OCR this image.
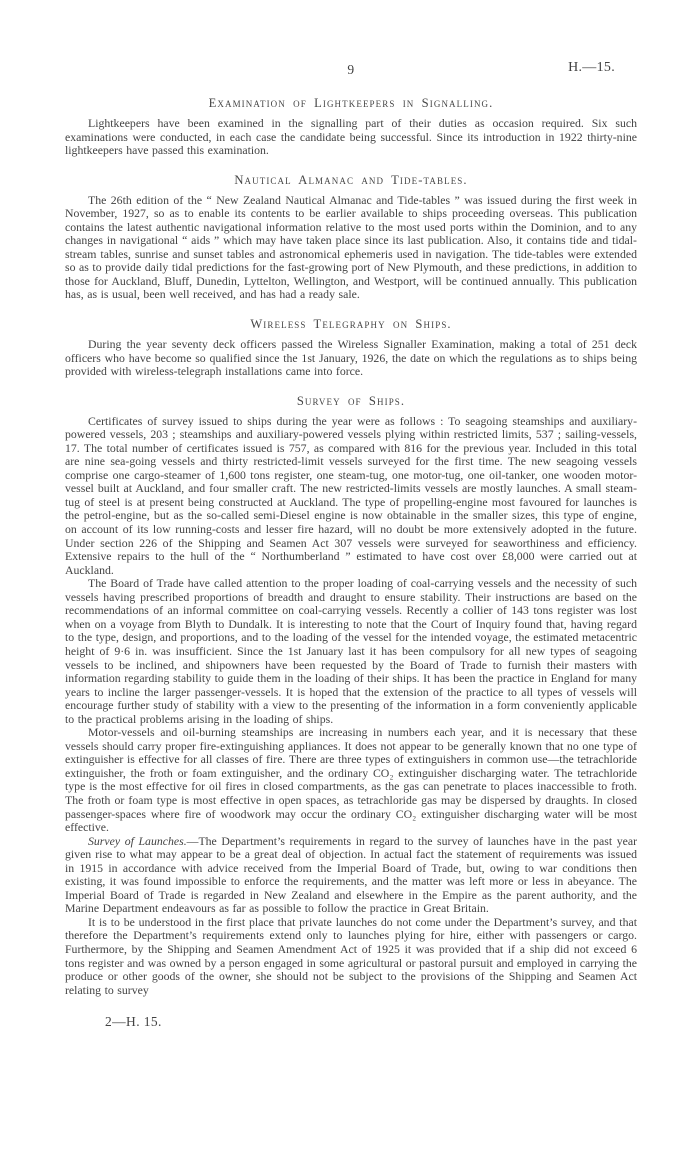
9	H.—15.
Examination of Lightkeepers in Signalling.

Lightkeepers have been examined in the signalling part of their duties as occasion required. Six such examinations were conducted, in each case the candidate being successful. Since its introduction in 1922 thirty-nine lightkeepers have passed this examination.

Nautical Almanac and Tide-tables.

The 26th edition of the “ New Zealand Nautical Almanac and Tide-tables ” was issued during the first week in November, 1927, so as to enable its contents to be earlier available to ships proceeding overseas. This publication contains the latest authentic navigational information relative to the most used ports within the Dominion, and to any changes in navigational “ aids ” which may have taken place since its last publication. Also, it contains tide and tidal-stream tables, sunrise and sunset tables and astronomical ephemeris used in navigation. The tide-tables were extended so as to provide daily tidal predictions for the fast-growing port of New Plymouth, and these predictions, in addition to those for Auckland, Bluff, Dunedin, Lyttelton, Wellington, and Westport, will be continued annually. This publication has, as is usual, been well received, and has had a ready sale.

Wireless Telegraphy on Ships.

During the year seventy deck officers passed the Wireless Signaller Examination, making a total of 251 deck officers who have become so qualified since the 1st January, 1926, the date on which the regulations as to ships being provided with wireless-telegraph installations came into force.

Survey of Ships.

Certificates of survey issued to ships during the year were as follows : To seagoing steamships and auxiliary-powered vessels, 203 ; steamships and auxiliary-powered vessels plying within restricted limits, 537 ; sailing-vessels, 17. The total number of certificates issued is 757, as compared with 816 for the previous year. Included in this total are nine sea-going vessels and thirty restricted-limit vessels surveyed for the first time. The new seagoing vessels comprise one cargo-steamer of 1,600 tons register, one steam-tug, one motor-tug, one oil-tanker, one wooden motor-vessel built at Auckland, and four smaller craft. The new restricted-limits vessels are mostly launches. A small steam-tug of steel is at present being constructed at Auckland. The type of propelling-engine most favoured for launches is the petrol-engine, but as the so-called semi-Diesel engine is now obtainable in the smaller sizes, this type of engine, on account of its low running-costs and lesser fire hazard, will no doubt be more extensively adopted in the future. Under section 226 of the Shipping and Seamen Act 307 vessels were surveyed for seaworthiness and efficiency. Extensive repairs to the hull of the “ Northumberland ” estimated to have cost over £8,000 were carried out at Auckland.

The Board of Trade have called attention to the proper loading of coal-carrying vessels and the necessity of such vessels having prescribed proportions of breadth and draught to ensure stability. Their instructions are based on the recommendations of an informal committee on coal-carrying vessels. Recently a collier of 143 tons register was lost when on a voyage from Blyth to Dundalk. It is interesting to note that the Court of Inquiry found that, having regard to the type, design, and proportions, and to the loading of the vessel for the intended voyage, the estimated metacentric height of 9·6 in. was insufficient. Since the 1st January last it has been compulsory for all new types of seagoing vessels to be inclined, and shipowners have been requested by the Board of Trade to furnish their masters with information regarding stability to guide them in the loading of their ships. It has been the practice in England for many years to incline the larger passenger-vessels. It is hoped that the extension of the practice to all types of vessels will encourage further study of stability with a view to the presenting of the information in a form conveniently applicable to the practical problems arising in the loading of ships.

Motor-vessels and oil-burning steamships are increasing in numbers each year, and it is necessary that these vessels should carry proper fire-extinguishing appliances. It does not appear to be generally known that no one type of extinguisher is effective for all classes of fire. There are three types of extinguishers in common use—the tetrachloride extinguisher, the froth or foam extinguisher, and the ordinary CO₂ extinguisher discharging water. The tetrachloride type is the most effective for oil fires in closed compartments, as the gas can penetrate to places inaccessible to froth. The froth or foam type is most effective in open spaces, as tetrachloride gas may be dispersed by draughts. In closed passenger-spaces where fire of woodwork may occur the ordinary CO₂ extinguisher discharging water will be most effective.

Survey of Launches.—The Department’s requirements in regard to the survey of launches have in the past year given rise to what may appear to be a great deal of objection. In actual fact the statement of requirements was issued in 1915 in accordance with advice received from the Imperial Board of Trade, but, owing to war conditions then existing, it was found impossible to enforce the requirements, and the matter was left more or less in abeyance. The Imperial Board of Trade is regarded in New Zealand and elsewhere in the Empire as the parent authority, and the Marine Department endeavours as far as possible to follow the practice in Great Britain.

It is to be understood in the first place that private launches do not come under the Department’s survey, and that therefore the Department’s requirements extend only to launches plying for hire, either with passengers or cargo. Furthermore, by the Shipping and Seamen Amendment Act of 1925 it was provided that if a ship did not exceed 6 tons register and was owned by a person engaged in some agricultural or pastoral pursuit and employed in carrying the produce or other goods of the owner, she should not be subject to the provisions of the Shipping and Seamen Act relating to survey

2—H. 15.
